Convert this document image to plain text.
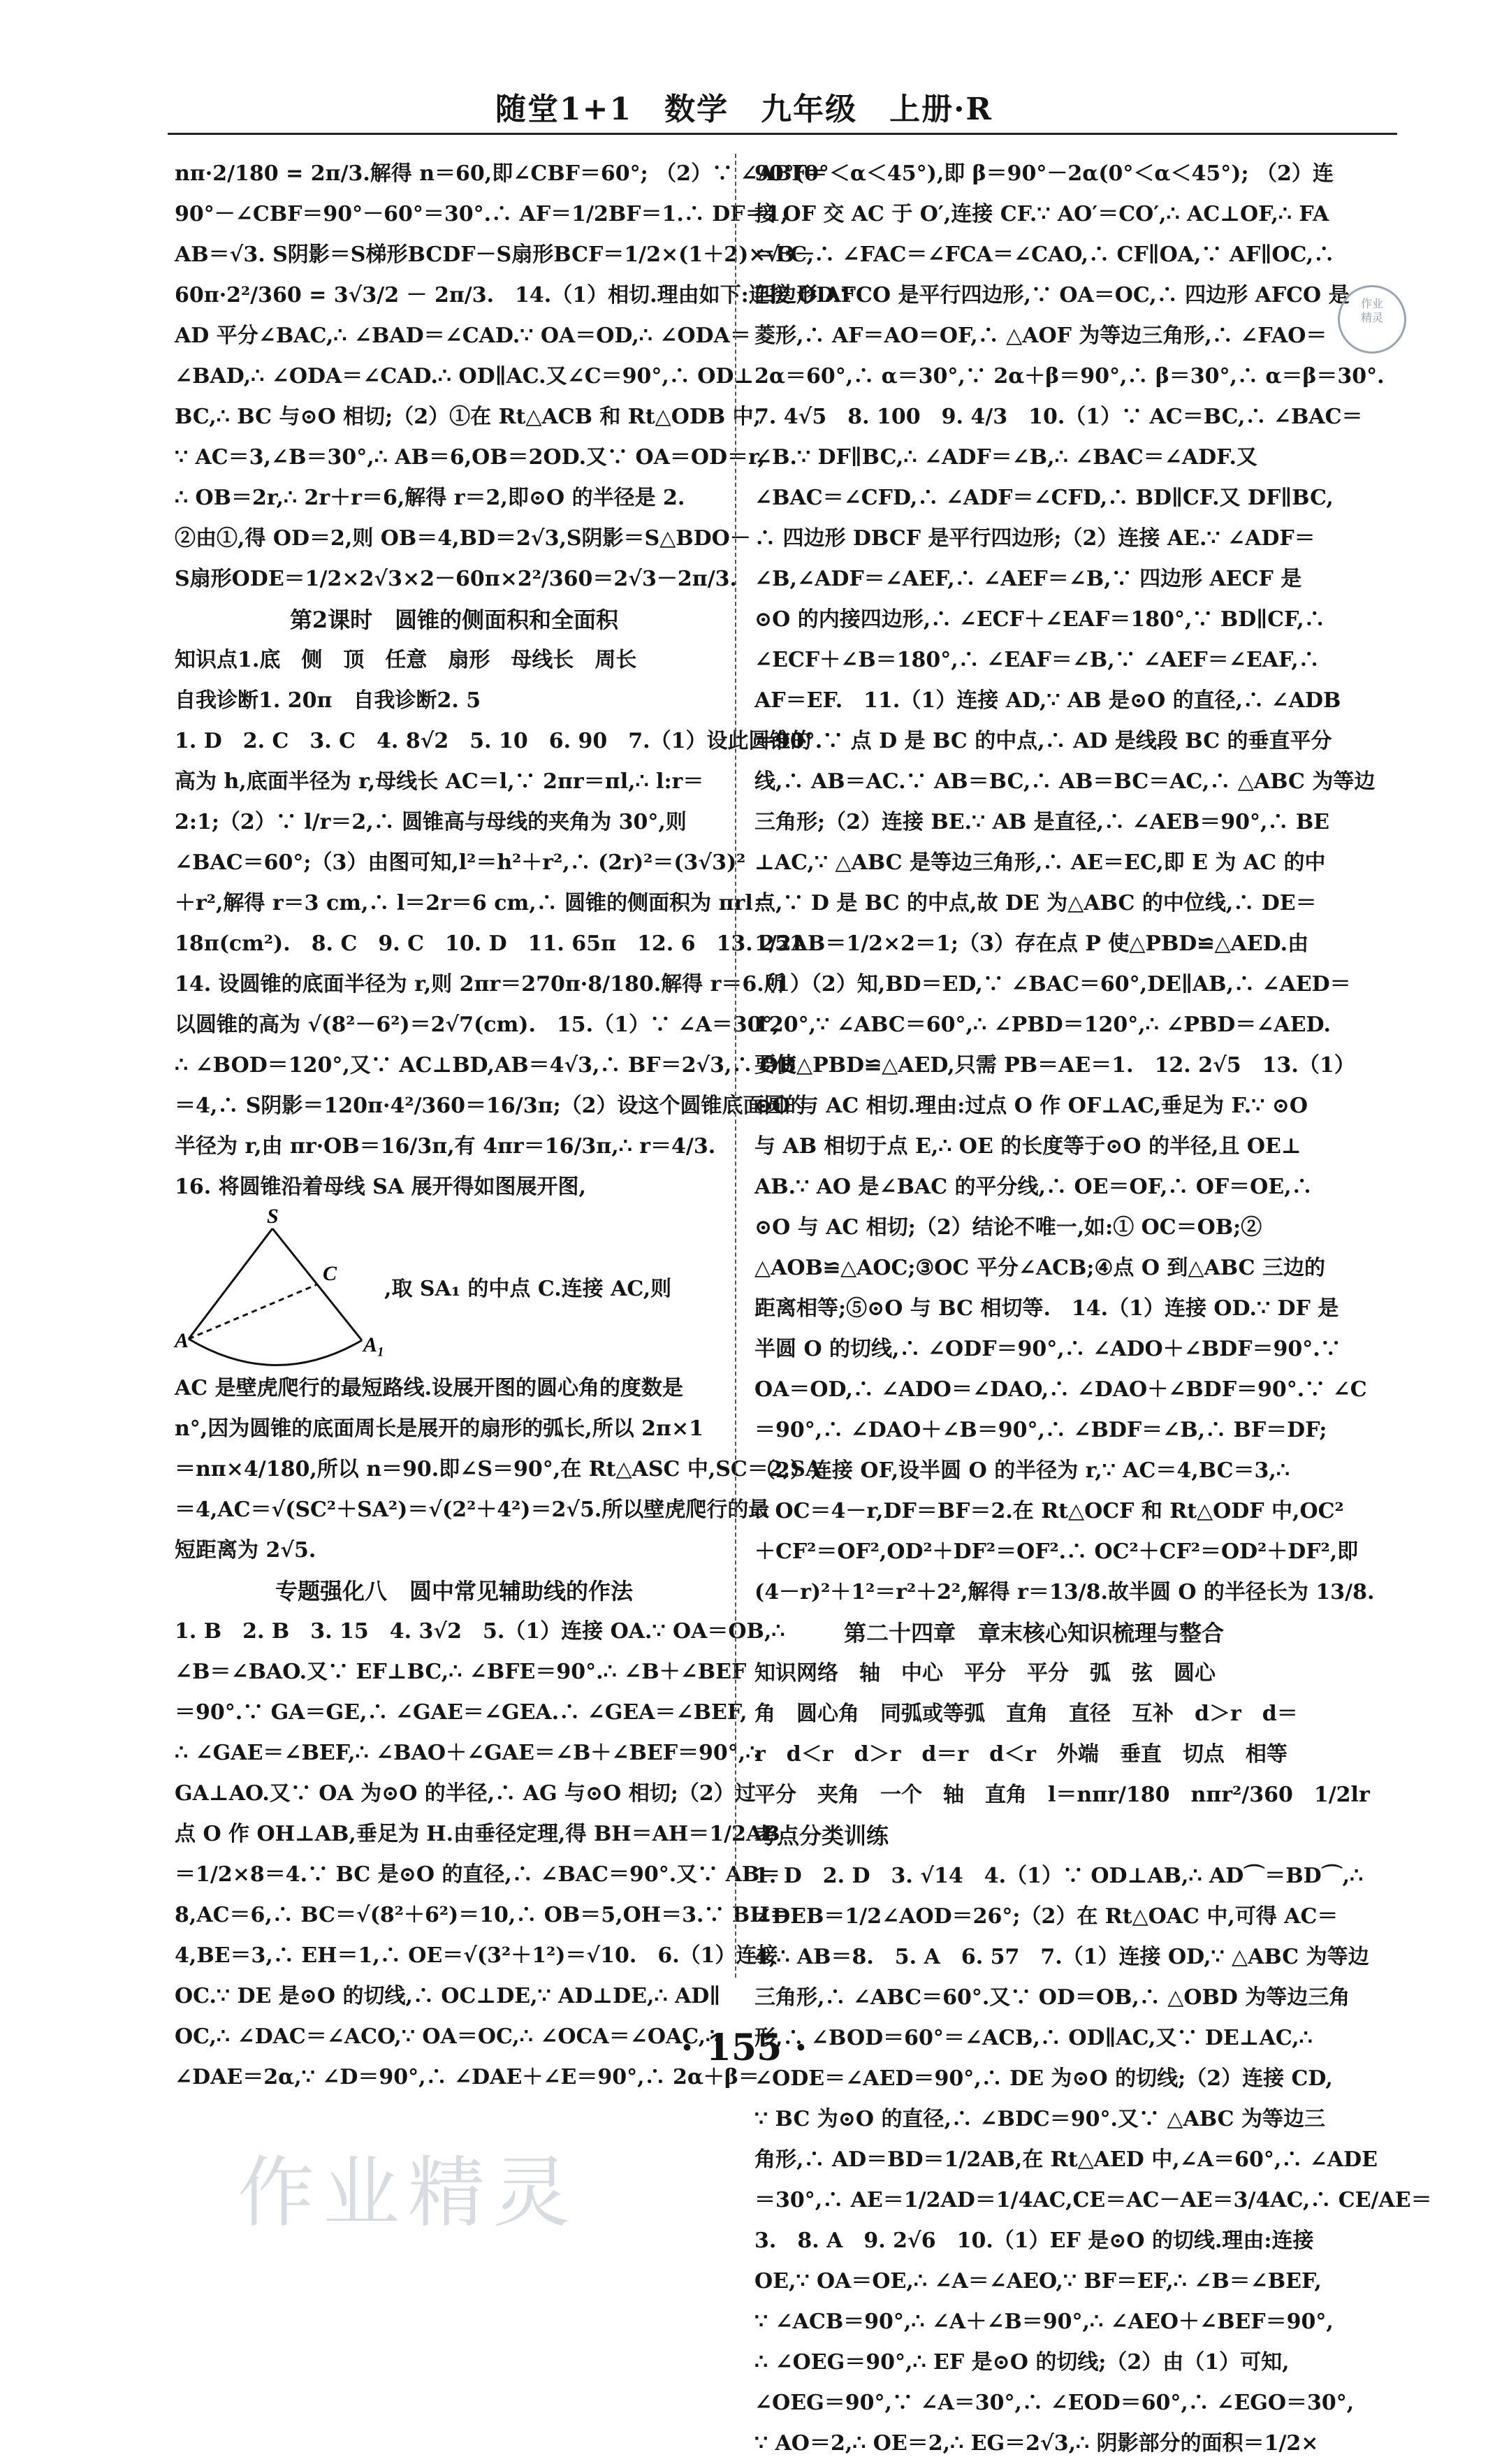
随堂1+1　数学　九年级　上册·R
nπ·2/180 = 2π/3.解得 n＝60,即∠CBF＝60°; （2）∵ ∠ABF＝
90°－∠CBF＝90°－60°＝30°.∴ AF＝1/2BF＝1.∴ DF＝1,
AB＝√3. S阴影＝S梯形BCDF－S扇形BCF＝1/2×(1＋2)×√3－
60π·2²/360 = 3√3/2 － 2π/3.　14.（1）相切.理由如下:连接 OD.∵
AD 平分∠BAC,∴ ∠BAD＝∠CAD.∵ OA＝OD,∴ ∠ODA＝
∠BAD,∴ ∠ODA＝∠CAD.∴ OD∥AC.又∠C＝90°,∴ OD⊥
BC,∴ BC 与⊙O 相切;（2）①在 Rt△ACB 和 Rt△ODB 中,
∵ AC＝3,∠B＝30°,∴ AB＝6,OB＝2OD.又∵ OA＝OD＝r,
∴ OB＝2r,∴ 2r＋r＝6,解得 r＝2,即⊙O 的半径是 2.
②由①,得 OD＝2,则 OB＝4,BD＝2√3,S阴影＝S△BDO－
S扇形ODE＝1/2×2√3×2－60π×2²/360＝2√3－2π/3.
第2课时　圆锥的侧面积和全面积
知识点1.底　侧　顶　任意　扇形　母线长　周长
自我诊断1. 20π　自我诊断2. 5
1. D　2. C　3. C　4. 8√2　5. 10　6. 90　7.（1）设此圆锥的
高为 h,底面半径为 r,母线长 AC＝l,∵ 2πr＝πl,∴ l:r＝
2:1;（2）∵ l/r＝2,∴ 圆锥高与母线的夹角为 30°,则
∠BAC＝60°;（3）由图可知,l²＝h²＋r²,∴ (2r)²＝(3√3)²
＋r²,解得 r＝3 cm,∴ l＝2r＝6 cm,∴ 圆锥的侧面积为 πrl＝
18π(cm²).　8. C　9. C　10. D　11. 65π　12. 6　13. 251
14. 设圆锥的底面半径为 r,则 2πr＝270π·8/180.解得 r＝6.所
以圆锥的高为 √(8²－6²)＝2√7(cm).　15.（1）∵ ∠A＝30°,
∴ ∠BOD＝120°,又∵ AC⊥BD,AB＝4√3,∴ BF＝2√3,∴ OB
＝4,∴ S阴影＝120π·4²/360＝16/3π;（2）设这个圆锥底面圆的
半径为 r,由 πr·OB＝16/3π,有 4πr＝16/3π,∴ r＝4/3.
16. 将圆锥沿着母线 SA 展开得如图展开图,
S
C
A	A₁
,取 SA₁ 的中点 C.连接 AC,则
AC 是壁虎爬行的最短路线.设展开图的圆心角的度数是
n°,因为圆锥的底面周长是展开的扇形的弧长,所以 2π×1
＝nπ×4/180,所以 n＝90.即∠S＝90°,在 Rt△ASC 中,SC＝2,SA
＝4,AC＝√(SC²＋SA²)＝√(2²＋4²)＝2√5.所以壁虎爬行的最
短距离为 2√5.
专题强化八　圆中常见辅助线的作法
1. B　2. B　3. 15　4. 3√2　5.（1）连接 OA.∵ OA＝OB,∴
∠B＝∠BAO.又∵ EF⊥BC,∴ ∠BFE＝90°.∴ ∠B＋∠BEF
＝90°.∵ GA＝GE,∴ ∠GAE＝∠GEA.∴ ∠GEA＝∠BEF,
∴ ∠GAE＝∠BEF,∴ ∠BAO＋∠GAE＝∠B＋∠BEF＝90°,∴
GA⊥AO.又∵ OA 为⊙O 的半径,∴ AG 与⊙O 相切;（2）过
点 O 作 OH⊥AB,垂足为 H.由垂径定理,得 BH＝AH＝1/2AB
＝1/2×8＝4.∵ BC 是⊙O 的直径,∴ ∠BAC＝90°.又∵ AB＝
8,AC＝6,∴ BC＝√(8²＋6²)＝10,∴ OB＝5,OH＝3.∵ BH＝
4,BE＝3,∴ EH＝1,∴ OE＝√(3²＋1²)＝√10.　6.（1）连接
OC.∵ DE 是⊙O 的切线,∴ OC⊥DE,∵ AD⊥DE,∴ AD∥
OC,∴ ∠DAC＝∠ACO,∵ OA＝OC,∴ ∠OCA＝∠OAC,∴
∠DAE＝2α,∵ ∠D＝90°,∴ ∠DAE＋∠E＝90°,∴ 2α＋β＝
90°(0°＜α＜45°),即 β＝90°－2α(0°＜α＜45°); （2）连
接 OF 交 AC 于 O′,连接 CF.∵ AO′＝CO′,∴ AC⊥OF,∴ FA
＝FC,∴ ∠FAC＝∠FCA＝∠CAO,∴ CF∥OA,∵ AF∥OC,∴
四边形 AFCO 是平行四边形,∵ OA＝OC,∴ 四边形 AFCO 是
菱形,∴ AF＝AO＝OF,∴ △AOF 为等边三角形,∴ ∠FAO＝
2α＝60°,∴ α＝30°,∵ 2α＋β＝90°,∴ β＝30°,∴ α＝β＝30°.
7. 4√5　8. 100　9. 4/3　10.（1）∵ AC＝BC,∴ ∠BAC＝
∠B.∵ DF∥BC,∴ ∠ADF＝∠B,∴ ∠BAC＝∠ADF.又
∠BAC＝∠CFD,∴ ∠ADF＝∠CFD,∴ BD∥CF.又 DF∥BC,
∴ 四边形 DBCF 是平行四边形;（2）连接 AE.∵ ∠ADF＝
∠B,∠ADF＝∠AEF,∴ ∠AEF＝∠B,∵ 四边形 AECF 是
⊙O 的内接四边形,∴ ∠ECF＋∠EAF＝180°,∵ BD∥CF,∴
∠ECF＋∠B＝180°,∴ ∠EAF＝∠B,∵ ∠AEF＝∠EAF,∴
AF＝EF.　11.（1）连接 AD,∵ AB 是⊙O 的直径,∴ ∠ADB
＝90°.∵ 点 D 是 BC 的中点,∴ AD 是线段 BC 的垂直平分
线,∴ AB＝AC.∵ AB＝BC,∴ AB＝BC＝AC,∴ △ABC 为等边
三角形;（2）连接 BE.∵ AB 是直径,∴ ∠AEB＝90°,∴ BE
⊥AC,∵ △ABC 是等边三角形,∴ AE＝EC,即 E 为 AC 的中
点,∵ D 是 BC 的中点,故 DE 为△ABC 的中位线,∴ DE＝
1/2AB＝1/2×2＝1;（3）存在点 P 使△PBD≌△AED.由
（1）（2）知,BD＝ED,∵ ∠BAC＝60°,DE∥AB,∴ ∠AED＝
120°,∵ ∠ABC＝60°,∴ ∠PBD＝120°,∴ ∠PBD＝∠AED.
要使△PBD≌△AED,只需 PB＝AE＝1.　12. 2√5　13.（1）
⊙O 与 AC 相切.理由:过点 O 作 OF⊥AC,垂足为 F.∵ ⊙O
与 AB 相切于点 E,∴ OE 的长度等于⊙O 的半径,且 OE⊥
AB.∵ AO 是∠BAC 的平分线,∴ OE＝OF,∴ OF＝OE,∴
⊙O 与 AC 相切;（2）结论不唯一,如:① OC＝OB;②
△AOB≌△AOC;③OC 平分∠ACB;④点 O 到△ABC 三边的
距离相等;⑤⊙O 与 BC 相切等.　14.（1）连接 OD.∵ DF 是
半圆 O 的切线,∴ ∠ODF＝90°,∴ ∠ADO＋∠BDF＝90°.∵
OA＝OD,∴ ∠ADO＝∠DAO,∴ ∠DAO＋∠BDF＝90°.∵ ∠C
＝90°,∴ ∠DAO＋∠B＝90°,∴ ∠BDF＝∠B,∴ BF＝DF;
（2）连接 OF,设半圆 O 的半径为 r,∵ AC＝4,BC＝3,∴
∴ OC＝4－r,DF＝BF＝2.在 Rt△OCF 和 Rt△ODF 中,OC²
＋CF²＝OF²,OD²＋DF²＝OF².∴ OC²＋CF²＝OD²＋DF²,即
(4－r)²＋1²＝r²＋2²,解得 r＝13/8.故半圆 O 的半径长为 13/8.
第二十四章　章末核心知识梳理与整合
知识网络　轴　中心　平分　平分　弧　弦　圆心
角　圆心角　同弧或等弧　直角　直径　互补　d＞r　d＝
r　d＜r　d＞r　d＝r　d＜r　外端　垂直　切点　相等
平分　夹角　一个　轴　直角　l＝nπr/180　nπr²/360　1/2lr
考点分类训练
1. D　2. D　3. √14　4.（1）∵ OD⊥AB,∴ AD⌒＝BD⌒,∴
∠DEB＝1/2∠AOD＝26°;（2）在 Rt△OAC 中,可得 AC＝
4,∴ AB＝8.　5. A　6. 57　7.（1）连接 OD,∵ △ABC 为等边
三角形,∴ ∠ABC＝60°.又∵ OD＝OB,∴ △OBD 为等边三角
形,∴ ∠BOD＝60°＝∠ACB,∴ OD∥AC,又∵ DE⊥AC,∴
∠ODE＝∠AED＝90°,∴ DE 为⊙O 的切线;（2）连接 CD,
∵ BC 为⊙O 的直径,∴ ∠BDC＝90°.又∵ △ABC 为等边三
角形,∴ AD＝BD＝1/2AB,在 Rt△AED 中,∠A＝60°,∴ ∠ADE
＝30°,∴ AE＝1/2AD＝1/4AC,CE＝AC－AE＝3/4AC,∴ CE/AE＝
3.　8. A　9. 2√6　10.（1）EF 是⊙O 的切线.理由:连接
OE,∵ OA＝OE,∴ ∠A＝∠AEO,∵ BF＝EF,∴ ∠B＝∠BEF,
∵ ∠ACB＝90°,∴ ∠A＋∠B＝90°,∴ ∠AEO＋∠BEF＝90°,
∴ ∠OEG＝90°,∴ EF 是⊙O 的切线;（2）由（1）可知,
∠OEG＝90°,∵ ∠A＝30°,∴ ∠EOD＝60°,∴ ∠EGO＝30°,
∵ AO＝2,∴ OE＝2,∴ EG＝2√3,∴ 阴影部分的面积＝1/2×
作业
精灵
· 155 ·
作业精灵
